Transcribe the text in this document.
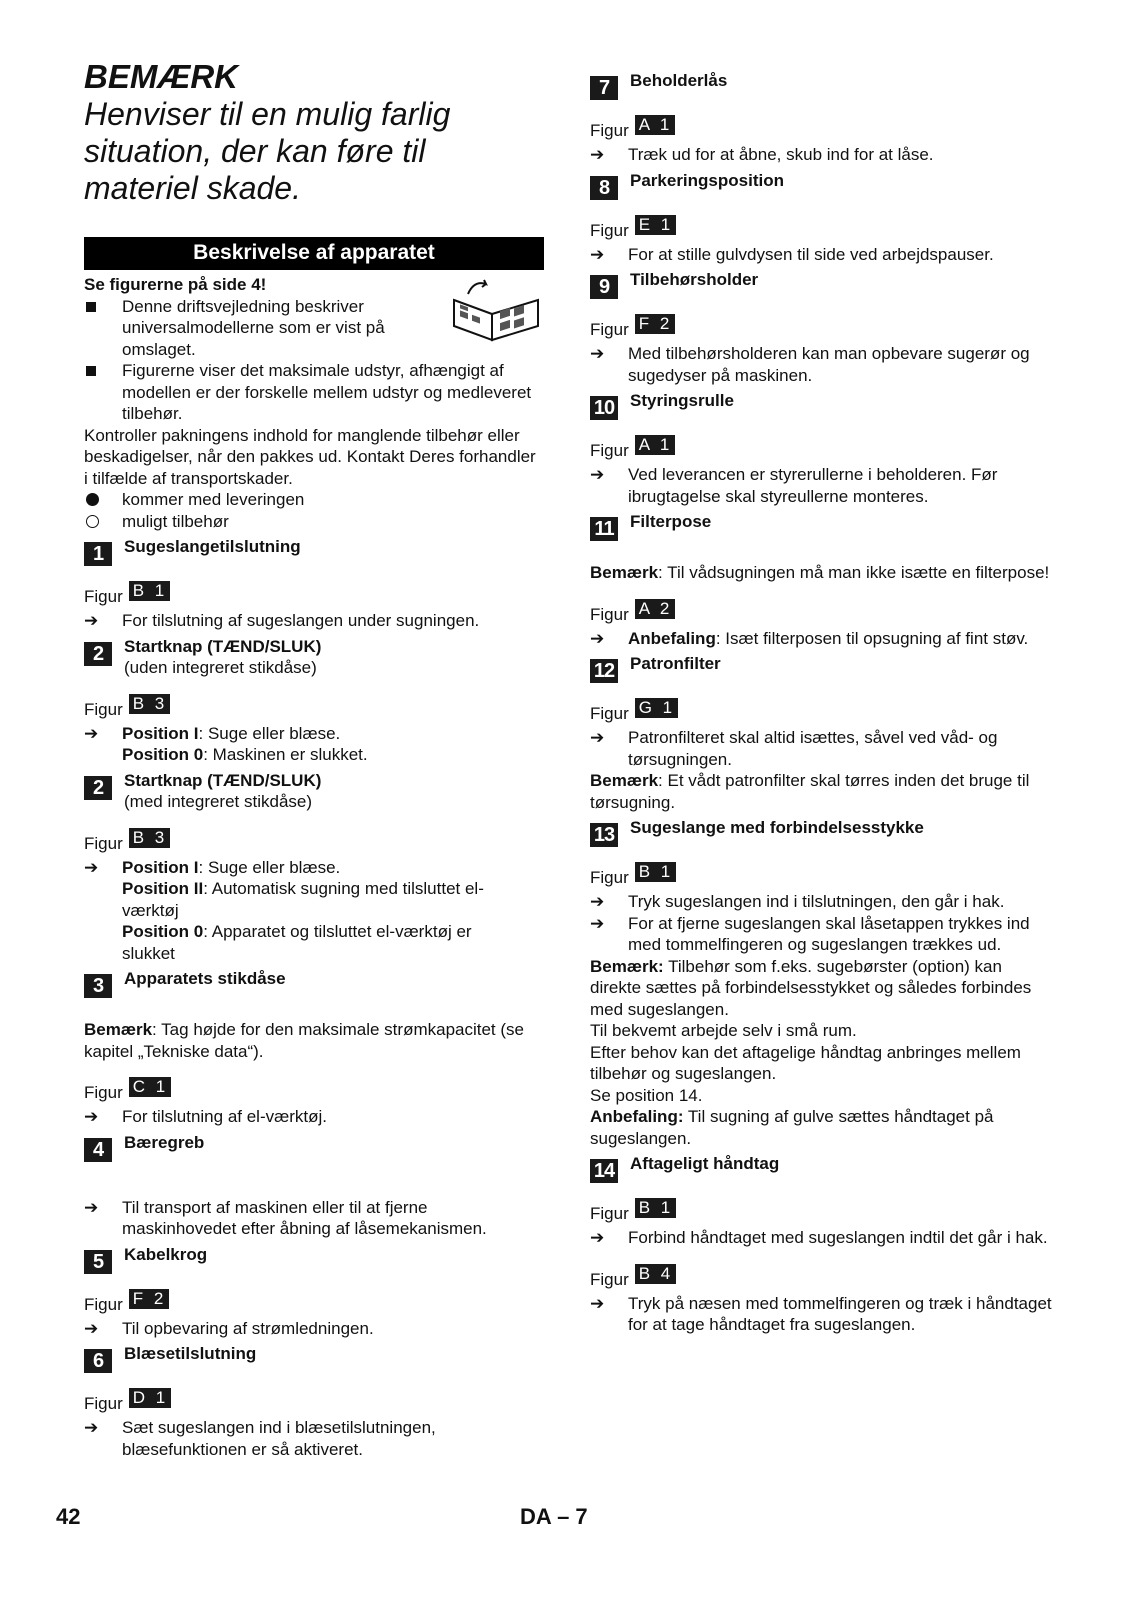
BEMÆRK

Henviser til en mulig farlig situation, der kan føre til materiel skade.

Beskrivelse af apparatet

Se figurerne på side 4!

Denne driftsvejledning beskriver universalmodellerne som er vist på omslaget.
Figurerne viser det maksimale udstyr, afhængigt af modellen er der forskelle mellem udstyr og medleveret tilbehør.

Kontroller pakningens indhold for manglende tilbehør eller beskadigelser, når den pakkes ud. Kontakt Deres forhandler i tilfælde af transportskader.

kommer med leveringen
muligt tilbehør
1	Sugeslangetilslutning
Figur B 1
➔ For tilslutning af sugeslangen under sugningen.
2	Startknap (TÆND/SLUK)
(uden integreret stikdåse)
Figur B 3
➔ Position I: Suge eller blæse.
Position 0: Maskinen er slukket.
2	Startknap (TÆND/SLUK)
(med integreret stikdåse)
Figur B 3
➔ Position I: Suge eller blæse.
Position II: Automatisk sugning med tilsluttet el-værktøj
Position 0: Apparatet og tilsluttet el-værktøj er slukket
3	Apparatets stikdåse

Bemærk: Tag højde for den maksimale strømkapacitet (se kapitel „Tekniske data“).

Figur C 1
➔ For tilslutning af el-værktøj.
4	Bæregreb
➔ Til transport af maskinen eller til at fjerne maskinhovedet efter åbning af låsemekanismen.
5	Kabelkrog
Figur F 2
➔ Til opbevaring af strømledningen.
6	Blæsetilslutning
Figur D 1
➔ Sæt sugeslangen ind i blæsetilslutningen, blæsefunktionen er så aktiveret.
7	Beholderlås
Figur A 1
➔ Træk ud for at åbne, skub ind for at låse.
8	Parkeringsposition
Figur E 1
➔ For at stille gulvdysen til side ved arbejdspauser.
9	Tilbehørsholder
Figur F 2
➔ Med tilbehørsholderen kan man opbevare sugerør og sugedyser på maskinen.
10 Styringsrulle
Figur A 1
➔ Ved leverancen er styrerullerne i beholderen. Før ibrugtagelse skal styreullerne monteres.
11 Filterpose

Bemærk: Til vådsugningen må man ikke isætte en filterpose!

Figur A 2
➔ Anbefaling: Isæt filterposen til opsugning af fint støv.
12 Patronfilter
Figur G 1
➔ Patronfilteret skal altid isættes, såvel ved våd- og tørsugningen.

Bemærk: Et vådt patronfilter skal tørres inden det bruge til tørsugning.

13 Sugeslange med forbindelsesstykke
Figur B 1
➔ Tryk sugeslangen ind i tilslutningen, den går i hak.
➔ For at fjerne sugeslangen skal låsetappen trykkes ind med tommelfingeren og sugeslangen trækkes ud.

Bemærk: Tilbehør som f.eks. sugebørster (option) kan direkte sættes på forbindelsesstykket og således forbindes med sugeslangen.

Til bekvemt arbejde selv i små rum.

Efter behov kan det aftagelige håndtag anbringes mellem tilbehør og sugeslangen.

Se position 14.

Anbefaling: Til sugning af gulve sættes håndtaget på sugeslangen.

14 Aftageligt håndtag
Figur B 1
➔ Forbind håndtaget med sugeslangen indtil det går i hak.
Figur B 4
➔ Tryk på næsen med tommelfingeren og træk i håndtaget for at tage håndtaget fra sugeslangen.
42	DA – 7
